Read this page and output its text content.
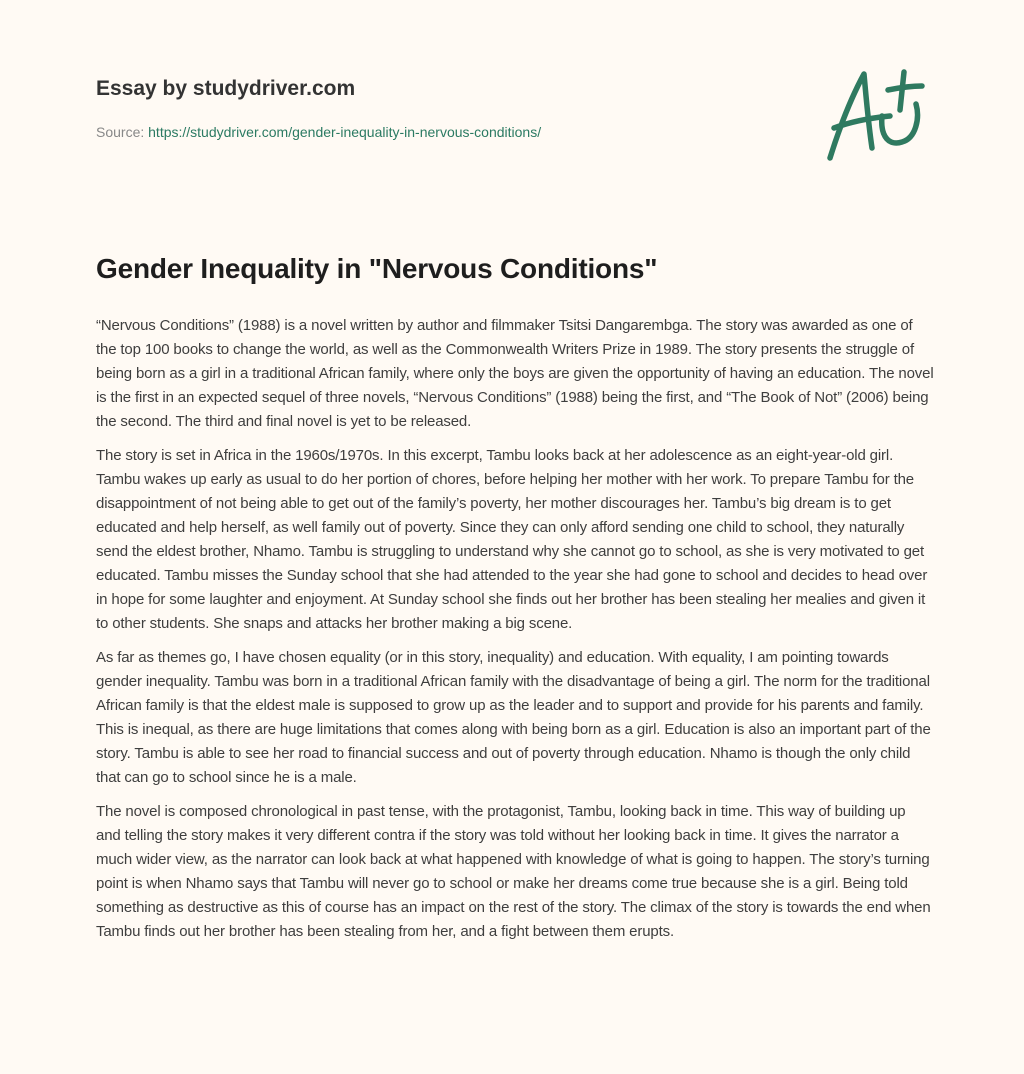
Essay by studydriver.com
Source: https://studydriver.com/gender-inequality-in-nervous-conditions/
Gender Inequality in "Nervous Conditions"

“Nervous Conditions” (1988) is a novel written by author and filmmaker Tsitsi Dangarembga. The story was awarded as one of the top 100 books to change the world, as well as the Commonwealth Writers Prize in 1989. The story presents the struggle of being born as a girl in a traditional African family, where only the boys are given the opportunity of having an education. The novel is the first in an expected sequel of three novels, “Nervous Conditions” (1988) being the first, and “The Book of Not” (2006) being the second. The third and final novel is yet to be released.

The story is set in Africa in the 1960s/1970s. In this excerpt, Tambu looks back at her adolescence as an eight-year-old girl. Tambu wakes up early as usual to do her portion of chores, before helping her mother with her work. To prepare Tambu for the disappointment of not being able to get out of the family’s poverty, her mother discourages her. Tambu’s big dream is to get educated and help herself, as well family out of poverty. Since they can only afford sending one child to school, they naturally send the eldest brother, Nhamo. Tambu is struggling to understand why she cannot go to school, as she is very motivated to get educated. Tambu misses the Sunday school that she had attended to the year she had gone to school and decides to head over in hope for some laughter and enjoyment. At Sunday school she finds out her brother has been stealing her mealies and given it to other students. She snaps and attacks her brother making a big scene.

As far as themes go, I have chosen equality (or in this story, inequality) and education. With equality, I am pointing towards gender inequality. Tambu was born in a traditional African family with the disadvantage of being a girl. The norm for the traditional African family is that the eldest male is supposed to grow up as the leader and to support and provide for his parents and family. This is inequal, as there are huge limitations that comes along with being born as a girl. Education is also an important part of the story. Tambu is able to see her road to financial success and out of poverty through education. Nhamo is though the only child that can go to school since he is a male.

The novel is composed chronological in past tense, with the protagonist, Tambu, looking back in time. This way of building up and telling the story makes it very different contra if the story was told without her looking back in time. It gives the narrator a much wider view, as the narrator can look back at what happened with knowledge of what is going to happen. The story’s turning point is when Nhamo says that Tambu will never go to school or make her dreams come true because she is a girl. Being told something as destructive as this of course has an impact on the rest of the story. The climax of the story is towards the end when Tambu finds out her brother has been stealing from her, and a fight between them erupts.
